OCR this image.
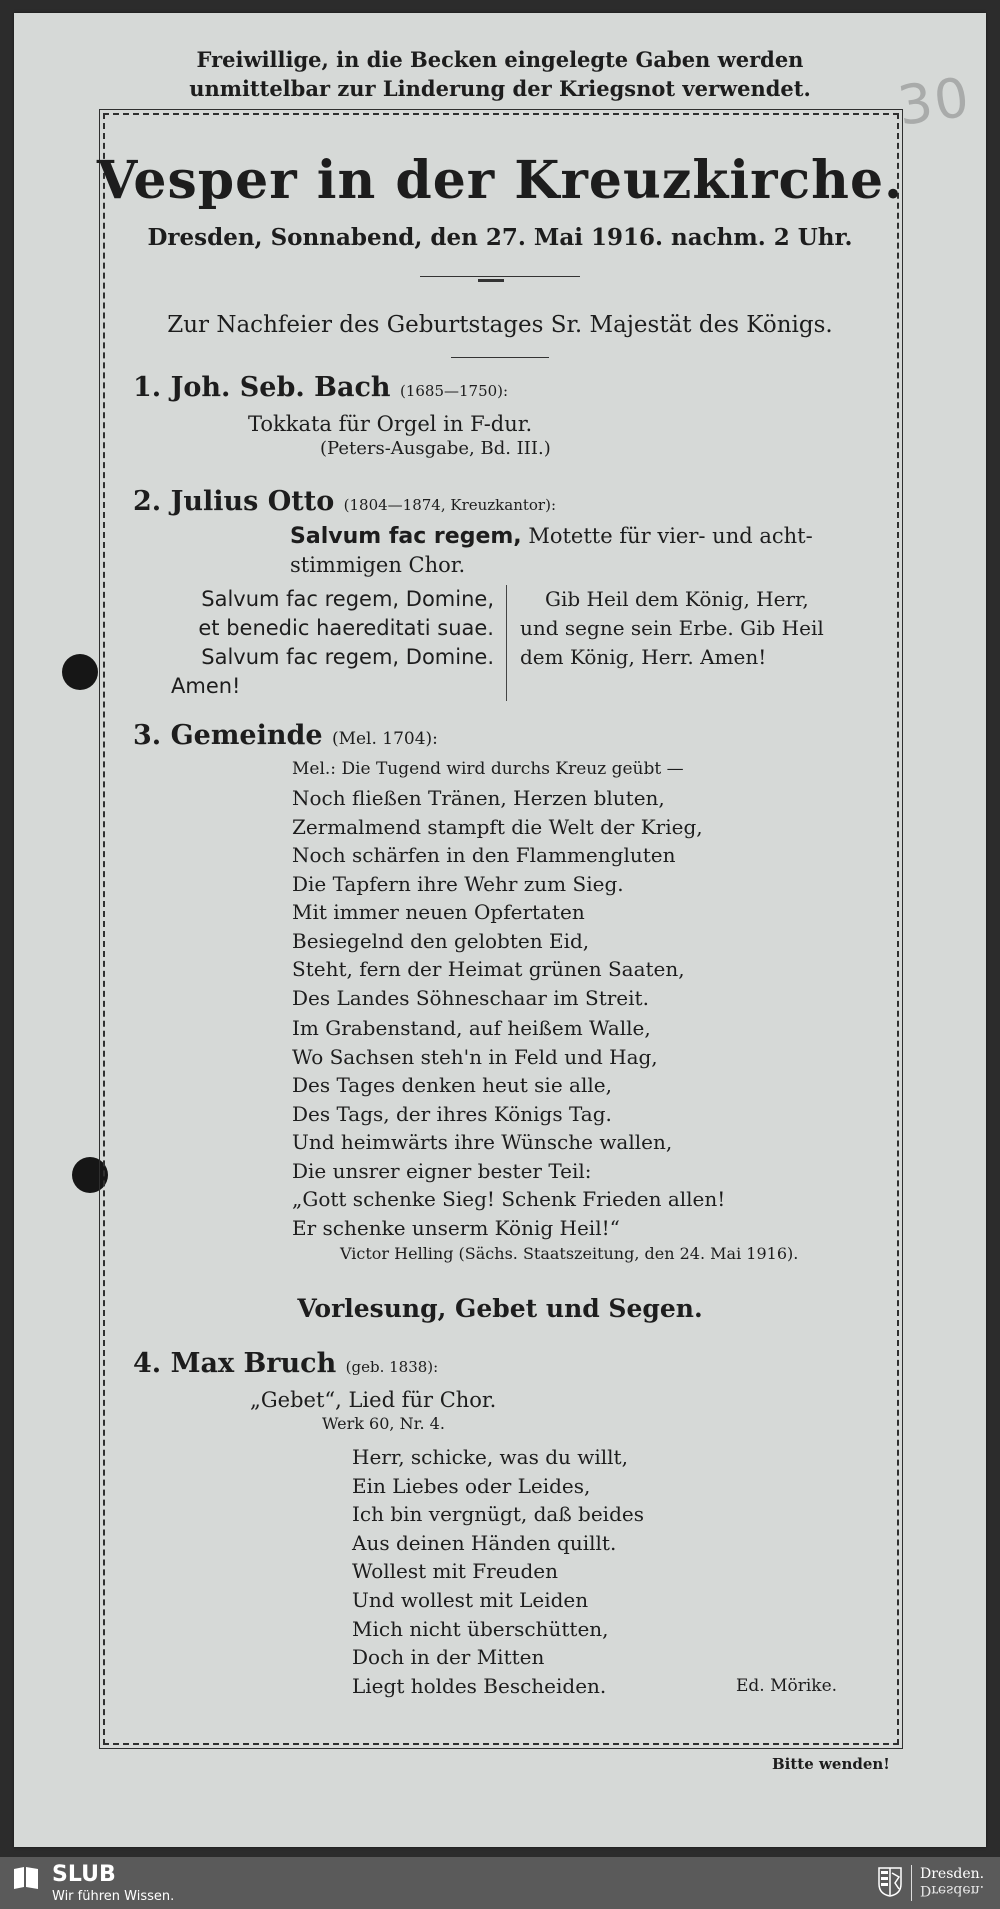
30
Freiwillige, in die Becken eingelegte Gaben werden
unmittelbar zur Linderung der Kriegsnot verwendet.
Vesper in der Kreuzkirche.
Dresden, Sonnabend, den 27. Mai 1916. nachm. 2 Uhr.
Zur Nachfeier des Geburtstages Sr. Majestät des Königs.
1. Joh. Seb. Bach (1685—1750):
Tokkata für Orgel in F-dur.
(Peters-Ausgabe, Bd. III.)
2. Julius Otto (1804—1874, Kreuzkantor):
Salvum fac regem, Motette für vier- und acht-
stimmigen Chor.
Salvum fac regem, Domine,
et benedic haereditati suae.
Salvum fac regem, Domine.
Amen!
Gib Heil dem König, Herr,
und segne sein Erbe. Gib Heil
dem König, Herr. Amen!
3. Gemeinde (Mel. 1704):
Mel.: Die Tugend wird durchs Kreuz geübt —
Noch fließen Tränen, Herzen bluten,
Zermalmend stampft die Welt der Krieg,
Noch schärfen in den Flammengluten
Die Tapfern ihre Wehr zum Sieg.
Mit immer neuen Opfertaten
Besiegelnd den gelobten Eid,
Steht, fern der Heimat grünen Saaten,
Des Landes Söhneschaar im Streit.
Im Grabenstand, auf heißem Walle,
Wo Sachsen steh'n in Feld und Hag,
Des Tages denken heut sie alle,
Des Tags, der ihres Königs Tag.
Und heimwärts ihre Wünsche wallen,
Die unsrer eigner bester Teil:
„Gott schenke Sieg! Schenk Frieden allen!
Er schenke unserm König Heil!“
Victor Helling (Sächs. Staatszeitung, den 24. Mai 1916).
Vorlesung, Gebet und Segen.
4. Max Bruch (geb. 1838):
„Gebet“, Lied für Chor.
Werk 60, Nr. 4.
Herr, schicke, was du willt,
Ein Liebes oder Leides,
Ich bin vergnügt, daß beides
Aus deinen Händen quillt.
Wollest mit Freuden
Und wollest mit Leiden
Mich nicht überschütten,
Doch in der Mitten
Liegt holdes Bescheiden.	Ed. Mörike.
Bitte wenden!
SLUB
Wir führen Wissen.
Dresden.
Dresden.
